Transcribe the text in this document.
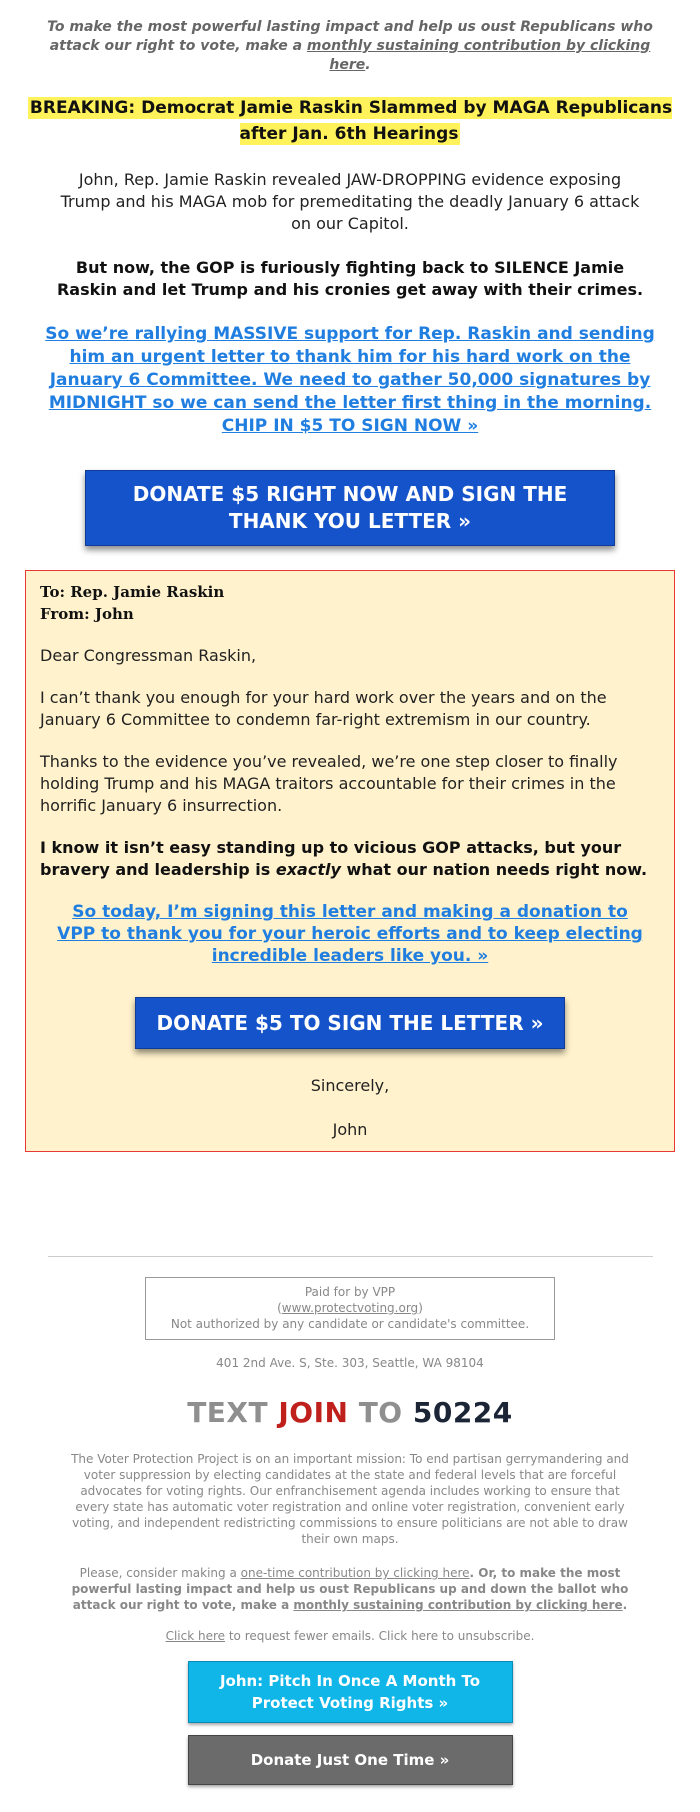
To make the most powerful lasting impact and help us oust Republicans who attack our right to vote, make a monthly sustaining contribution by clicking here.
BREAKING: Democrat Jamie Raskin Slammed by MAGA Republicans after Jan. 6th Hearings

John, Rep. Jamie Raskin revealed JAW-DROPPING evidence exposing Trump and his MAGA mob for premeditating the deadly January 6 attack on our Capitol.

But now, the GOP is furiously fighting back to SILENCE Jamie Raskin and let Trump and his cronies get away with their crimes.

So we’re rallying MASSIVE support for Rep. Raskin and sending him an urgent letter to thank him for his hard work on the January 6 Committee. We need to gather 50,000 signatures by MIDNIGHT so we can send the letter first thing in the morning. CHIP IN $5 TO SIGN NOW »

DONATE $5 RIGHT NOW AND SIGN THE THANK YOU LETTER »
To: Rep. Jamie Raskin
From: John

Dear Congressman Raskin,

I can’t thank you enough for your hard work over the years and on the January 6 Committee to condemn far-right extremism in our country.

Thanks to the evidence you’ve revealed, we’re one step closer to finally holding Trump and his MAGA traitors accountable for their crimes in the horrific January 6 insurrection.

I know it isn’t easy standing up to vicious GOP attacks, but your bravery and leadership is exactly what our nation needs right now.

So today, I’m signing this letter and making a donation to VPP to thank you for your heroic efforts and to keep electing incredible leaders like you. »
DONATE $5 TO SIGN THE LETTER »
Sincerely,
John
Paid for by VPP
(www.protectvoting.org)
Not authorized by any candidate or candidate's committee.
401 2nd Ave. S, Ste. 303, Seattle, WA 98104
TEXT JOIN TO 50224
The Voter Protection Project is on an important mission: To end partisan gerrymandering and voter suppression by electing candidates at the state and federal levels that are forceful advocates for voting rights. Our enfranchisement agenda includes working to ensure that every state has automatic voter registration and online voter registration, convenient early voting, and independent redistricting commissions to ensure politicians are not able to draw their own maps.
Please, consider making a one-time contribution by clicking here. Or, to make the most powerful lasting impact and help us oust Republicans up and down the ballot who attack our right to vote, make a monthly sustaining contribution by clicking here.
Click here to request fewer emails. Click here to unsubscribe.
John: Pitch In Once A Month To Protect Voting Rights »
Donate Just One Time »
